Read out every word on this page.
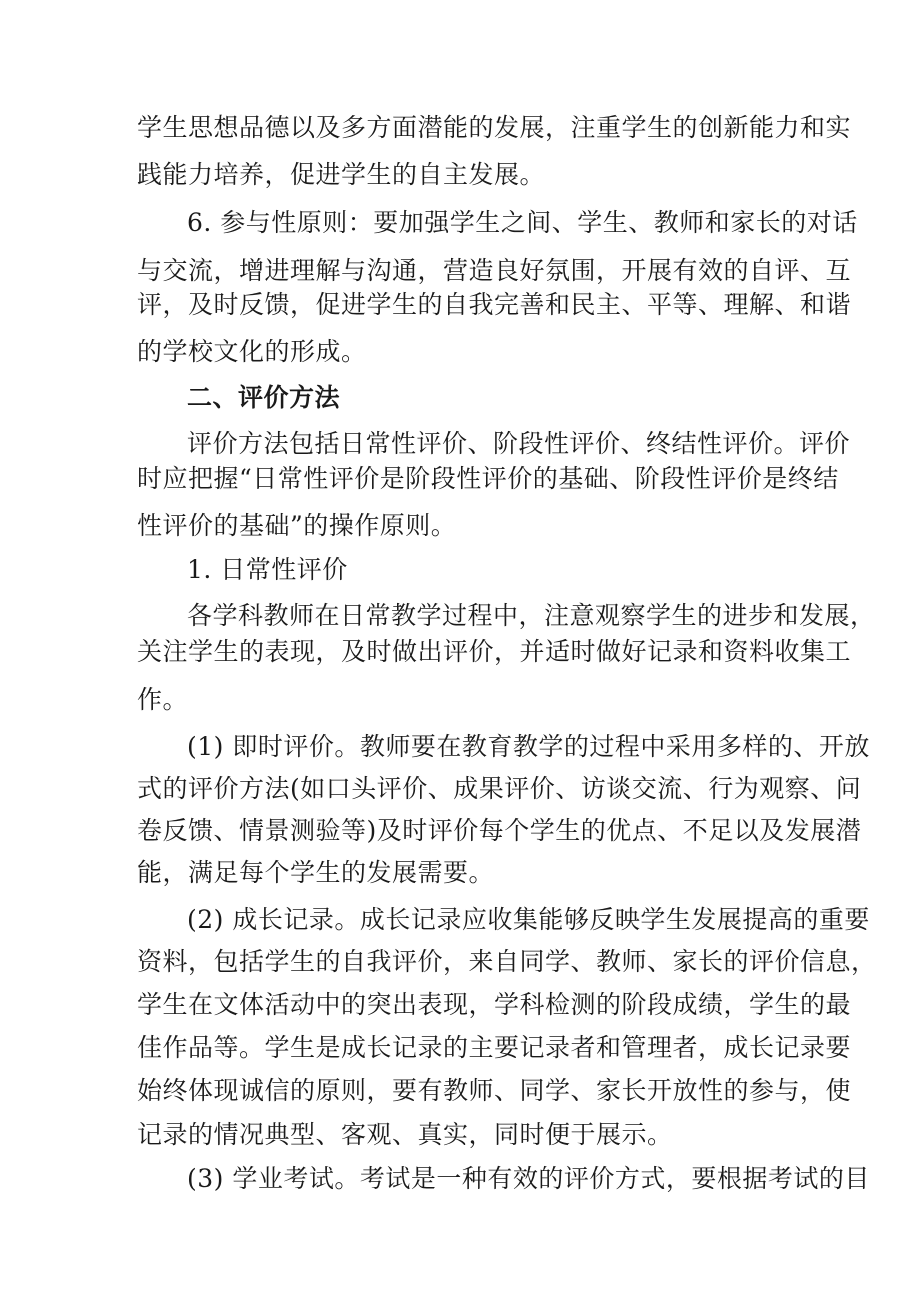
学生思想品德以及多方面潜能的发展，注重学生的创新能力和实
践能力培养，促进学生的自主发展。
6. 参与性原则：要加强学生之间、学生、教师和家长的对话
与交流，增进理解与沟通，营造良好氛围，开展有效的自评、互
评，及时反馈，促进学生的自我完善和民主、平等、理解、和谐
的学校文化的形成。
二、评价方法
评价方法包括日常性评价、阶段性评价、终结性评价。评价
时应把握“日常性评价是阶段性评价的基础、阶段性评价是终结
性评价的基础”的操作原则。
1. 日常性评价
各学科教师在日常教学过程中，注意观察学生的进步和发展，
关注学生的表现，及时做出评价，并适时做好记录和资料收集工
作。
(1) 即时评价。教师要在教育教学的过程中采用多样的、开放
式的评价方法(如口头评价、成果评价、访谈交流、行为观察、问
卷反馈、情景测验等)及时评价每个学生的优点、不足以及发展潜
能，满足每个学生的发展需要。
(2) 成长记录。成长记录应收集能够反映学生发展提高的重要
资料，包括学生的自我评价，来自同学、教师、家长的评价信息，
学生在文体活动中的突出表现，学科检测的阶段成绩，学生的最
佳作品等。学生是成长记录的主要记录者和管理者，成长记录要
始终体现诚信的原则，要有教师、同学、家长开放性的参与，使
记录的情况典型、客观、真实，同时便于展示。
(3) 学业考试。考试是一种有效的评价方式，要根据考试的目
